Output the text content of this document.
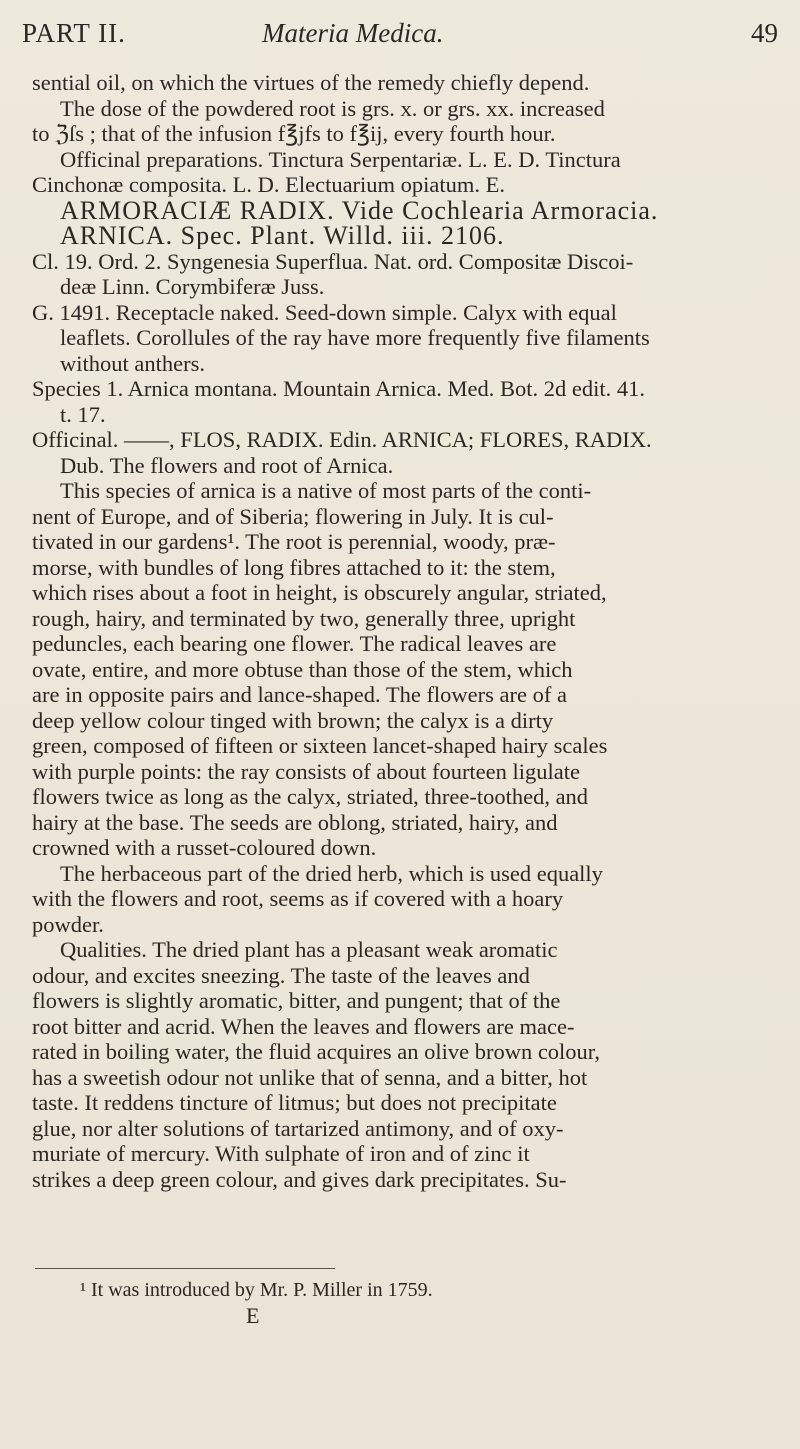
PART II.	Materia Medica.	49
sential oil, on which the virtues of the remedy chiefly depend.
The dose of the powdered root is grs. x. or grs. xx. increased
to ℨſs ; that of the infusion f℥jfs to f℥ij, every fourth hour.
Officinal preparations. Tinctura Serpentariæ. L. E. D. Tinctura
Cinchonæ composita. L. D. Electuarium opiatum. E.
ARMORACIÆ RADIX. Vide Cochlearia Armoracia.
ARNICA. Spec. Plant. Willd. iii. 2106.
Cl. 19. Ord. 2. Syngenesia Superflua. Nat. ord. Compositæ Discoi-
deæ Linn. Corymbiferæ Juss.
G. 1491. Receptacle naked. Seed-down simple. Calyx with equal
leaflets. Corollules of the ray have more frequently five filaments
without anthers.
Species 1. Arnica montana. Mountain Arnica. Med. Bot. 2d edit. 41.
t. 17.
Officinal. ——, FLOS, RADIX. Edin. ARNICA; FLORES, RADIX.
Dub. The flowers and root of Arnica.
This species of arnica is a native of most parts of the conti-
nent of Europe, and of Siberia; flowering in July. It is cul-
tivated in our gardens¹. The root is perennial, woody, præ-
morse, with bundles of long fibres attached to it: the stem,
which rises about a foot in height, is obscurely angular, striated,
rough, hairy, and terminated by two, generally three, upright
peduncles, each bearing one flower. The radical leaves are
ovate, entire, and more obtuse than those of the stem, which
are in opposite pairs and lance-shaped. The flowers are of a
deep yellow colour tinged with brown; the calyx is a dirty
green, composed of fifteen or sixteen lancet-shaped hairy scales
with purple points: the ray consists of about fourteen ligulate
flowers twice as long as the calyx, striated, three-toothed, and
hairy at the base. The seeds are oblong, striated, hairy, and
crowned with a russet-coloured down.
The herbaceous part of the dried herb, which is used equally
with the flowers and root, seems as if covered with a hoary
powder.
Qualities. The dried plant has a pleasant weak aromatic
odour, and excites sneezing. The taste of the leaves and
flowers is slightly aromatic, bitter, and pungent; that of the
root bitter and acrid. When the leaves and flowers are mace-
rated in boiling water, the fluid acquires an olive brown colour,
has a sweetish odour not unlike that of senna, and a bitter, hot
taste. It reddens tincture of litmus; but does not precipitate
glue, nor alter solutions of tartarized antimony, and of oxy-
muriate of mercury. With sulphate of iron and of zinc it
strikes a deep green colour, and gives dark precipitates. Su-
¹ It was introduced by Mr. P. Miller in 1759.
E
